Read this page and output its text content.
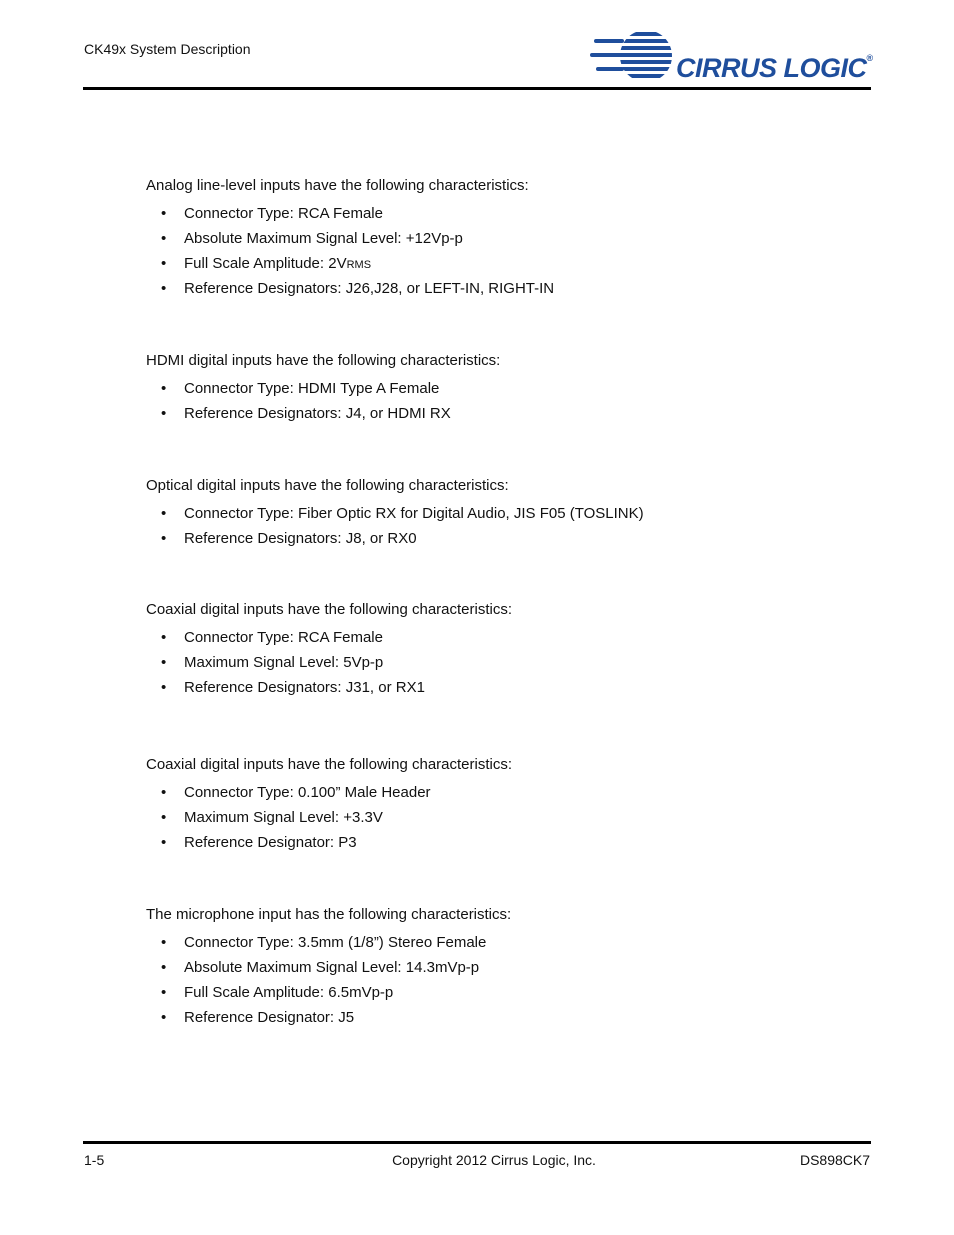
CK49x System Description
CIRRUS LOGIC®

Analog line-level inputs have the following characteristics:

• Connector Type: RCA Female
• Absolute Maximum Signal Level: +12Vp-p
• Full Scale Amplitude: 2VRMS
• Reference Designators: J26,J28, or LEFT-IN, RIGHT-IN

HDMI digital inputs have the following characteristics:

• Connector Type: HDMI Type A Female
• Reference Designators: J4, or HDMI RX

Optical digital inputs have the following characteristics:

• Connector Type: Fiber Optic RX for Digital Audio, JIS F05 (TOSLINK)
• Reference Designators: J8, or RX0

Coaxial digital inputs have the following characteristics:

• Connector Type: RCA Female
• Maximum Signal Level: 5Vp-p
• Reference Designators: J31, or RX1

Coaxial digital inputs have the following characteristics:

• Connector Type: 0.100” Male Header
• Maximum Signal Level: +3.3V
• Reference Designator: P3

The microphone input has the following characteristics:

• Connector Type: 3.5mm (1/8”) Stereo Female
• Absolute Maximum Signal Level: 14.3mVp-p
• Full Scale Amplitude: 6.5mVp-p
• Reference Designator: J5
1-5	Copyright 2012 Cirrus Logic, Inc.	DS898CK7
